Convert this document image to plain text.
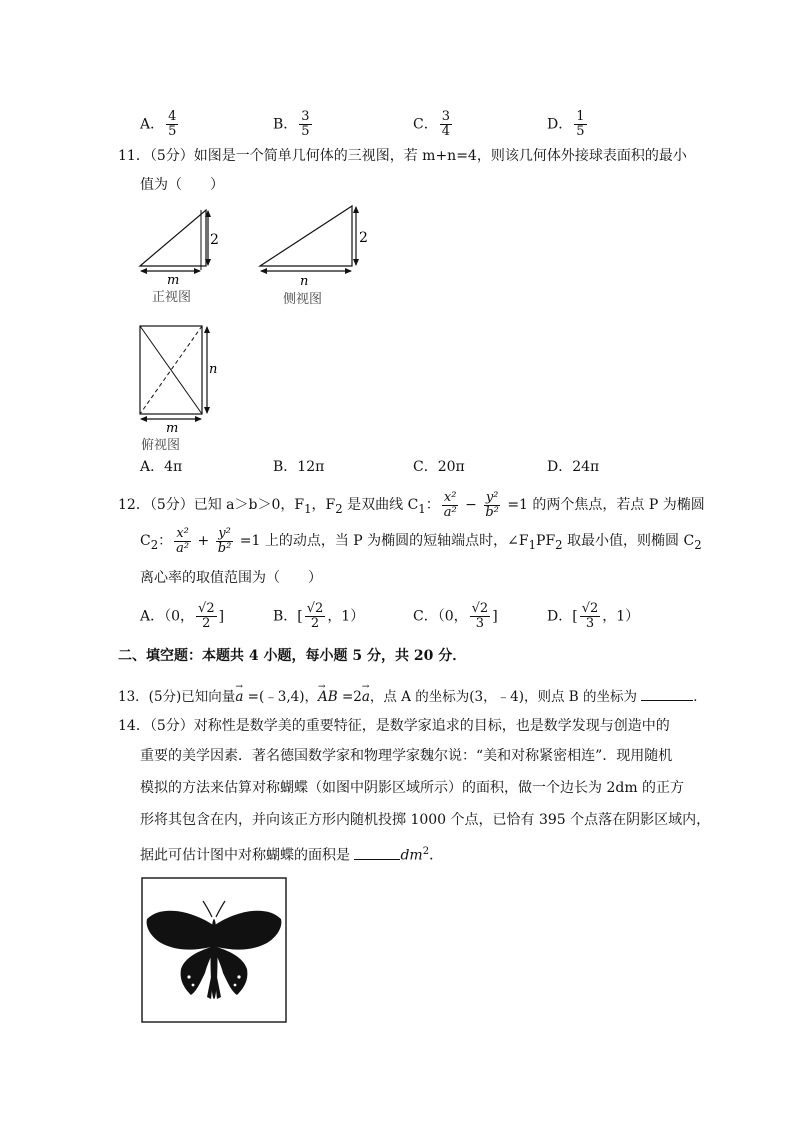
A． $\frac{4}{5}$	B． $\frac{3}{5}$	C． $\frac{3}{4}$	D． $\frac{1}{5}$
11．（5分）如图是一个简单几何体的三视图，若 m+n=4，则该几何体外接球表面积的最小
值为（　　）
2
m
正视图
2
n
侧视图
n
m
俯视图
A．4π	B．12π	C．20π	D．24π
12．（5分）已知 a＞b＞0，$F_1$，$F_2$ 是双曲线 $C_1$： $\frac{\text{x²}}{\text{a²}} - \frac{\text{y²}}{\text{b²}} =1$ 的两个焦点，若点 P 为椭圆
$C_2$： $\frac{\text{x²}}{\text{a²}} + \frac{\text{y²}}{\text{b²}} =1$ 上的动点，当 P 为椭圆的短轴端点时，$\angle F_1PF_2$ 取最小值，则椭圆 $C_2$
离心率的取值范围为（　　）
A．（0， $\frac{√2}{2}$ ]	B．[ $\frac{√2}{2}$ ，1）	C．（0， $\frac{√2}{3}$ ]	D．[ $\frac{√2}{3}$ ，1）
二、填空题：本题共 4 小题，每小题 5 分，共 20 分．
13．(5分)已知向量→ a =(﹣3,4)，→ AB =2→ a，点 A 的坐标为(3，﹣4)，则点 B 的坐标为	．
14．（5分）对称性是数学美的重要特征，是数学家追求的目标，也是数学发现与创造中的
重要的美学因素．著名德国数学家和物理学家魏尔说：“美和对称紧密相连”．现用随机
模拟的方法来估算对称蝴蝶（如图中阴影区域所示）的面积，做一个边长为 2dm 的正方
形将其包含在内，并向该正方形内随机投掷 1000 个点，已恰有 395 个点落在阴影区域内，
据此可估计图中对称蝴蝶的面积是	$dm^2$．
